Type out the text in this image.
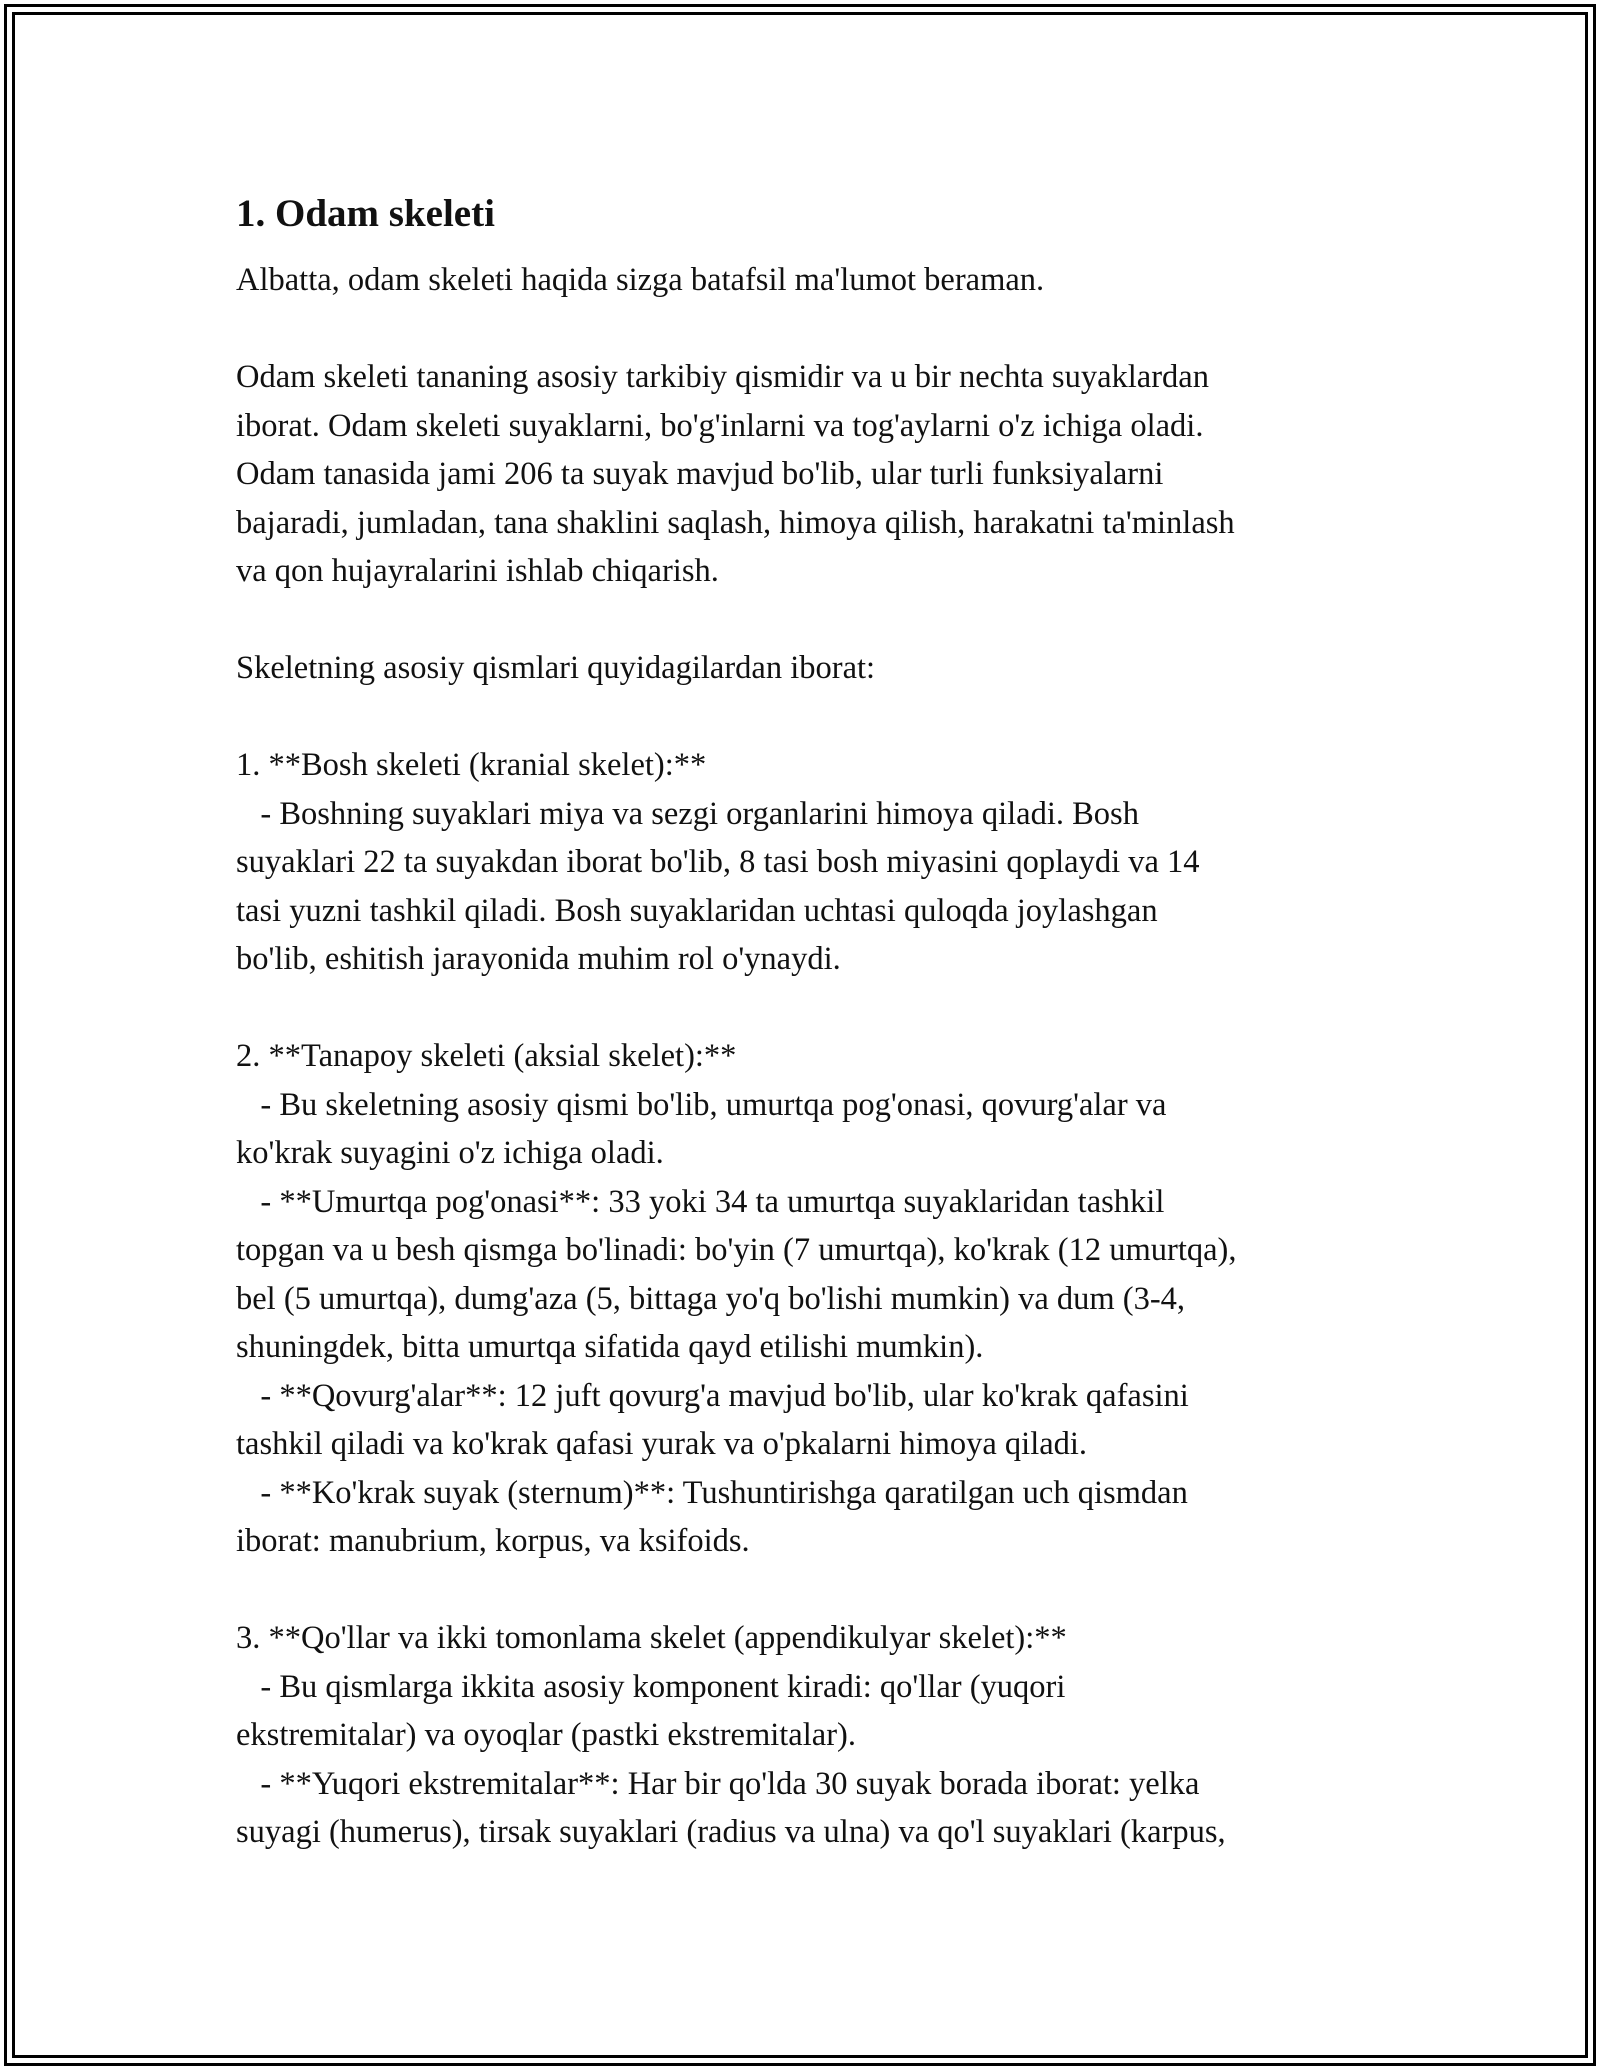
1. Odam skeleti

Albatta, odam skeleti haqida sizga batafsil ma'lumot beraman.

Odam skeleti tananing asosiy tarkibiy qismidir va u bir nechta suyaklardan
iborat. Odam skeleti suyaklarni, bo'g'inlarni va tog'aylarni o'z ichiga oladi.
Odam tanasida jami 206 ta suyak mavjud bo'lib, ular turli funksiyalarni
bajaradi, jumladan, tana shaklini saqlash, himoya qilish, harakatni ta'minlash
va qon hujayralarini ishlab chiqarish.

Skeletning asosiy qismlari quyidagilardan iborat:

1. **Bosh skeleti (kranial skelet):**
- Boshning suyaklari miya va sezgi organlarini himoya qiladi. Bosh
suyaklari 22 ta suyakdan iborat bo'lib, 8 tasi bosh miyasini qoplaydi va 14
tasi yuzni tashkil qiladi. Bosh suyaklaridan uchtasi quloqda joylashgan
bo'lib, eshitish jarayonida muhim rol o'ynaydi.

2. **Tanapoy skeleti (aksial skelet):**
- Bu skeletning asosiy qismi bo'lib, umurtqa pog'onasi, qovurg'alar va
ko'krak suyagini o'z ichiga oladi.
- **Umurtqa pog'onasi**: 33 yoki 34 ta umurtqa suyaklaridan tashkil
topgan va u besh qismga bo'linadi: bo'yin (7 umurtqa), ko'krak (12 umurtqa),
bel (5 umurtqa), dumg'aza (5, bittaga yo'q bo'lishi mumkin) va dum (3-4,
shuningdek, bitta umurtqa sifatida qayd etilishi mumkin).
- **Qovurg'alar**: 12 juft qovurg'a mavjud bo'lib, ular ko'krak qafasini
tashkil qiladi va ko'krak qafasi yurak va o'pkalarni himoya qiladi.
- **Ko'krak suyak (sternum)**: Tushuntirishga qaratilgan uch qismdan
iborat: manubrium, korpus, va ksifoids.

3. **Qo'llar va ikki tomonlama skelet (appendikulyar skelet):**
- Bu qismlarga ikkita asosiy komponent kiradi: qo'llar (yuqori
ekstremitalar) va oyoqlar (pastki ekstremitalar).
- **Yuqori ekstremitalar**: Har bir qo'lda 30 suyak borada iborat: yelka
suyagi (humerus), tirsak suyaklari (radius va ulna) va qo'l suyaklari (karpus,
